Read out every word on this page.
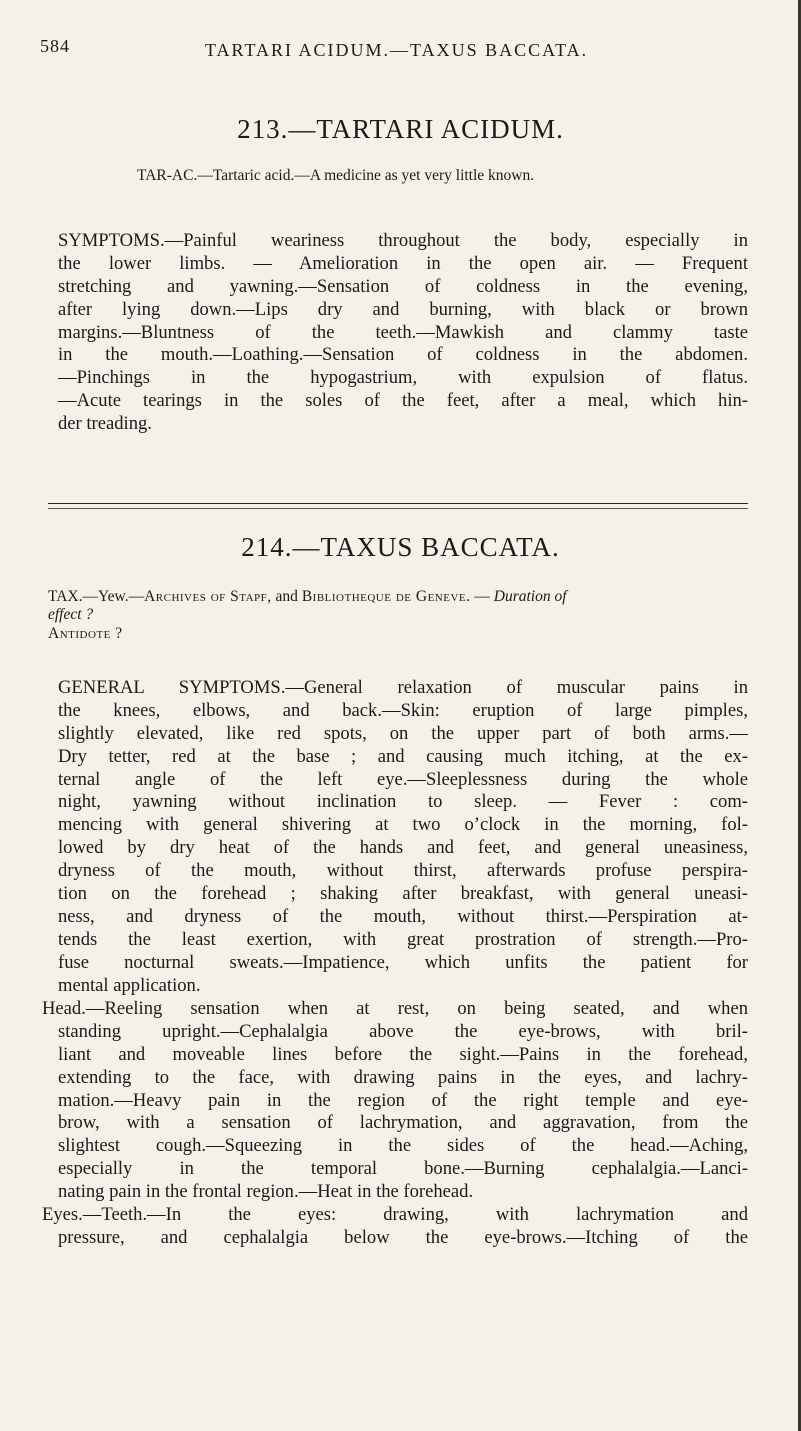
584	TARTARI ACIDUM.—TAXUS BACCATA.
213.—TARTARI ACIDUM.
TAR-AC.—Tartaric acid.—A medicine as yet very little known.
SYMPTOMS.—Painful weariness throughout the body, especially in
the lower limbs. — Amelioration in the open air. — Frequent
stretching and yawning.—Sensation of coldness in the evening,
after lying down.—Lips dry and burning, with black or brown
margins.—Bluntness of the teeth.—Mawkish and clammy taste
in the mouth.—Loathing.—Sensation of coldness in the abdomen.
—Pinchings in the hypogastrium, with expulsion of flatus.
—Acute tearings in the soles of the feet, after a meal, which hin-
der treading.
214.—TAXUS BACCATA.
TAX.—Yew.—Archives of Stapf, and Bibliotheque de Geneve. — Duration of
effect ?
Antidote ?
GENERAL SYMPTOMS.—General relaxation of muscular pains in
the knees, elbows, and back.—Skin: eruption of large pimples,
slightly elevated, like red spots, on the upper part of both arms.—
Dry tetter, red at the base ; and causing much itching, at the ex-
ternal angle of the left eye.—Sleeplessness during the whole
night, yawning without inclination to sleep. — Fever : com-
mencing with general shivering at two o’clock in the morning, fol-
lowed by dry heat of the hands and feet, and general uneasiness,
dryness of the mouth, without thirst, afterwards profuse perspira-
tion on the forehead ; shaking after breakfast, with general uneasi-
ness, and dryness of the mouth, without thirst.—Perspiration at-
tends the least exertion, with great prostration of strength.—Pro-
fuse nocturnal sweats.—Impatience, which unfits the patient for
mental application.
Head.—Reeling sensation when at rest, on being seated, and when
standing upright.—Cephalalgia above the eye-brows, with bril-
liant and moveable lines before the sight.—Pains in the forehead,
extending to the face, with drawing pains in the eyes, and lachry-
mation.—Heavy pain in the region of the right temple and eye-
brow, with a sensation of lachrymation, and aggravation, from the
slightest cough.—Squeezing in the sides of the head.—Aching,
especially in the temporal bone.—Burning cephalalgia.—Lanci-
nating pain in the frontal region.—Heat in the forehead.
Eyes.—Teeth.—In the eyes: drawing, with lachrymation and
pressure, and cephalalgia below the eye-brows.—Itching of the
